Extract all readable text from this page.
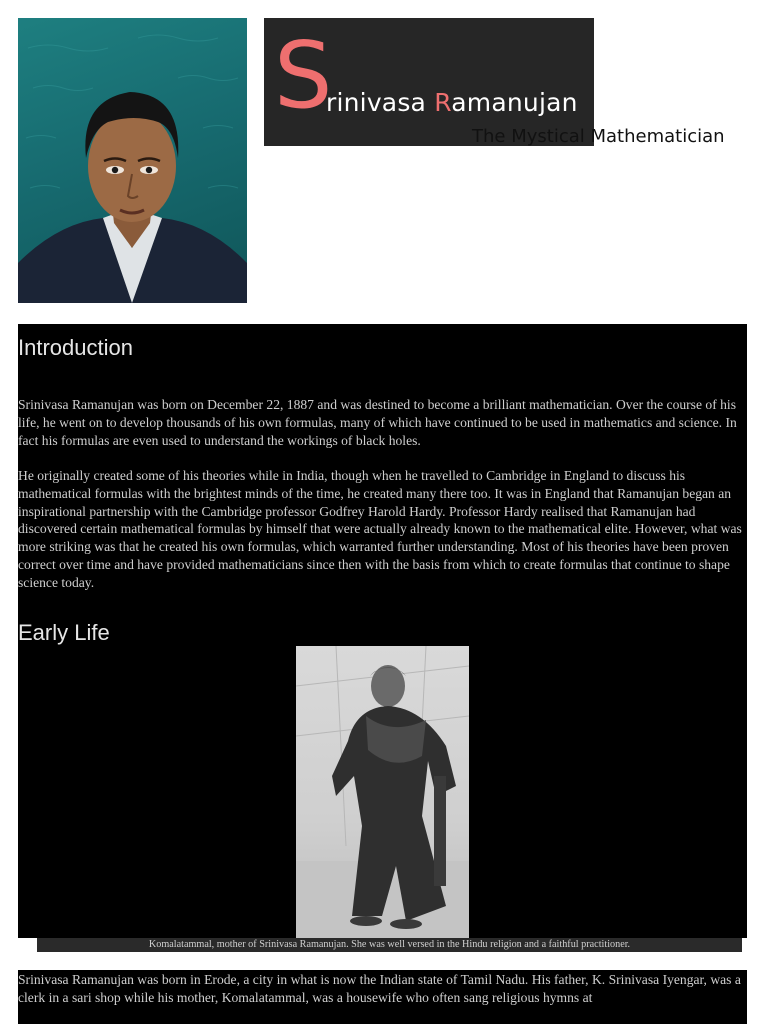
S
rinivasa Ramanujan
The Mystical Mathematician
Introduction

Srinivasa Ramanujan was born on December 22, 1887 and was destined to become a brilliant mathematician. Over the course of his life, he went on to develop thousands of his own formulas, many of which have continued to be used in mathematics and science. In fact his formulas are even used to understand the workings of black holes.

He originally created some of his theories while in India, though when he travelled to Cambridge in England to discuss his mathematical formulas with the brightest minds of the time, he created many there too. It was in England that Ramanujan began an inspirational partnership with the Cambridge professor Godfrey Harold Hardy. Professor Hardy realised that Ramanujan had discovered certain mathematical formulas by himself that were actually already known to the mathematical elite. However, what was more striking was that he created his own formulas, which warranted further understanding. Most of his theories have been proven correct over time and have provided mathematicians since then with the basis from which to create formulas that continue to shape science today.

Early Life

Komalatammal, mother of Srinivasa Ramanujan. She was well versed in the Hindu religion and a faithful practitioner.

Srinivasa Ramanujan was born in Erode, a city in what is now the Indian state of Tamil Nadu. His father, K. Srinivasa Iyengar, was a clerk in a sari shop while his mother, Komalatammal, was a housewife who often sang religious hymns at
